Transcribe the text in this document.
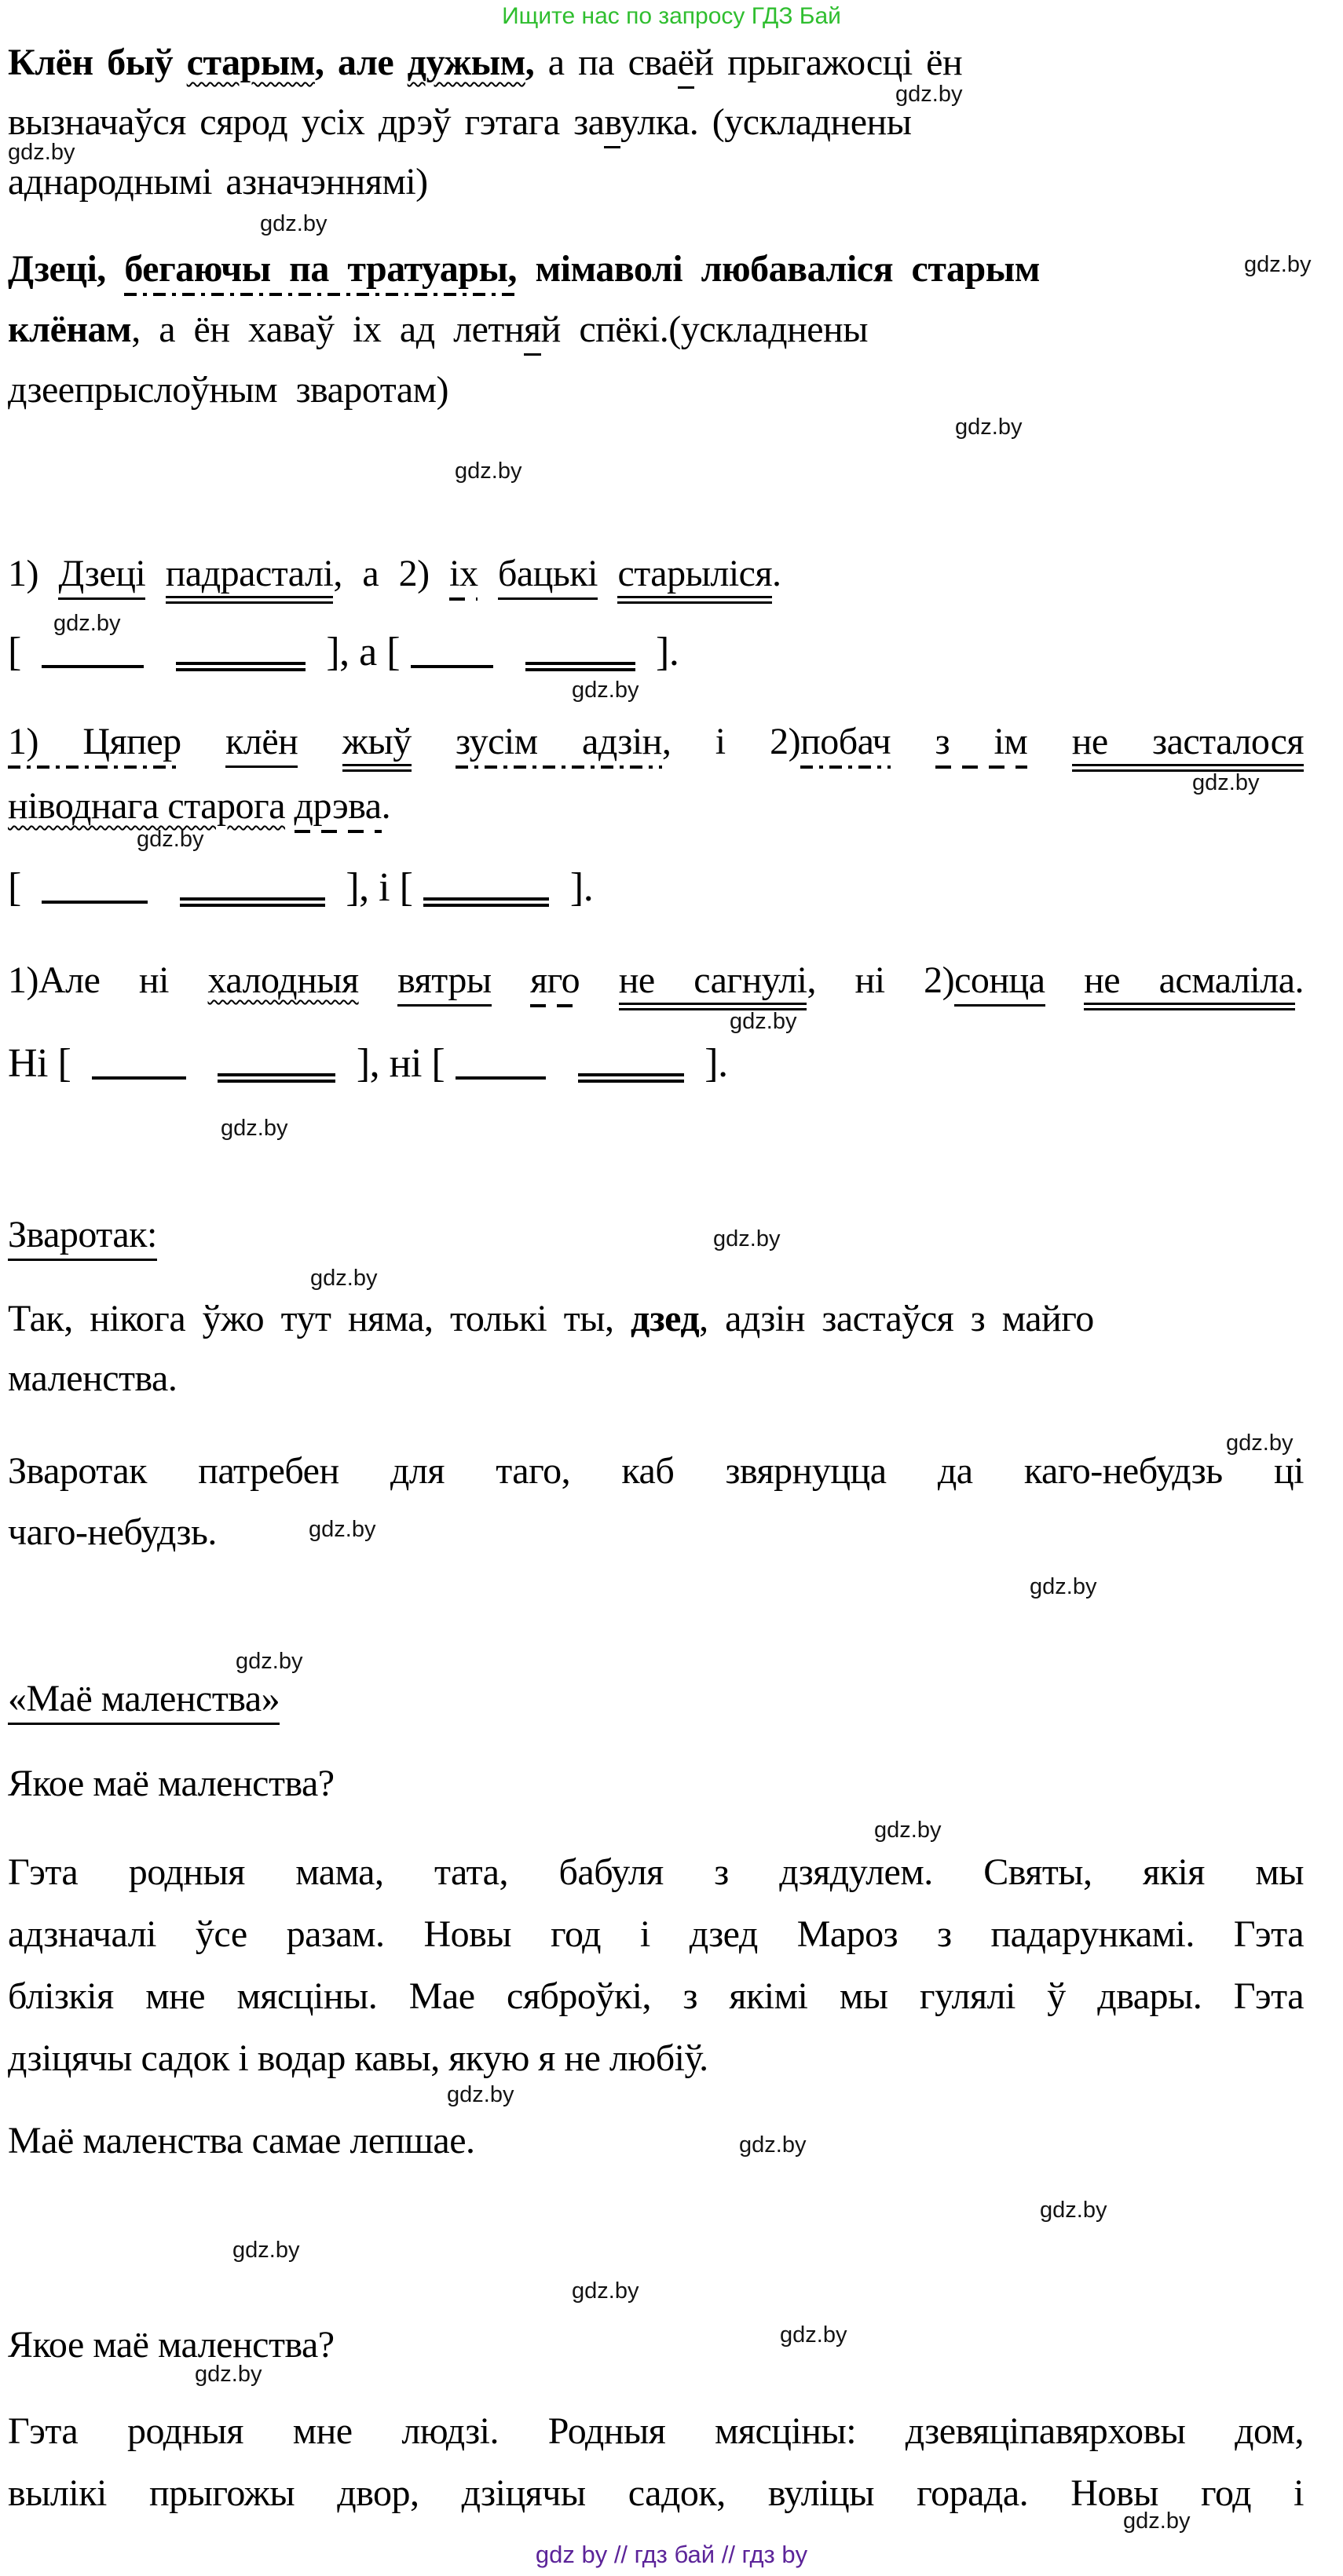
Ищите нас по запросу ГДЗ Бай
Клён быў старым, але дужым, а па сваёй прыгажосці ён
вызначаўся сярод усіх дрэў гэтага завулка. (ускладнены
аднароднымі азначэннямі)
Дзеці, бегаючы па тратуары, мімаволі любаваліся старым
клёнам, а ён хаваў іх ад летняй спёкі.(ускладнены
дзеепрыслоўным зваротам)
1) Дзеці падрасталі, а 2) іх бацькі старыліся.
[	], а [	].
1) Цяпер клён жыў зусім адзін, і 2)побач з ім не засталося
ніводнага старога дрэва.
[	], і [	].
1)Але ні халодныя вятры яго не сагнулі, ні 2)сонца не асмаліла.
Ні [	], ні [	].
Зваротак:
Так, нікога ўжо тут няма, толькі ты, дзед, адзін застаўся з майго
маленства.
Зваротак патребен для таго, каб звярнуцца да каго-небудзь ці
чаго-небудзь.
«Маё маленства»
Якое маё маленства?
Гэта родныя мама, тата, бабуля з дзядулем. Святы, якія мы
адзначалі ўсе разам. Новы год і дзед Мароз з падарункамі. Гэта
блізкія мне мясціны. Мае сяброўкі, з якімі мы гулялі ў двары. Гэта
дзіцячы садок і водар кавы, якую я не любіў.
Маё маленства самае лепшае.
Якое маё маленства?
Гэта родныя мне людзі. Родныя мясціны: дзевяціпавярховы дом,
вылікі прыгожы двор, дзіцячы садок, вуліцы горада. Новы год і
gdz.by
gdz.by
gdz.by
gdz.by
gdz.by
gdz.by
gdz.by
gdz.by
gdz.by
gdz.by
gdz.by
gdz.by
gdz.by
gdz.by
gdz.by
gdz.by
gdz.by
gdz.by
gdz.by
gdz.by
gdz.by
gdz.by
gdz.by
gdz.by
gdz.by
gdz.by
gdz.by
gdz by // гдз бай // гдз by
